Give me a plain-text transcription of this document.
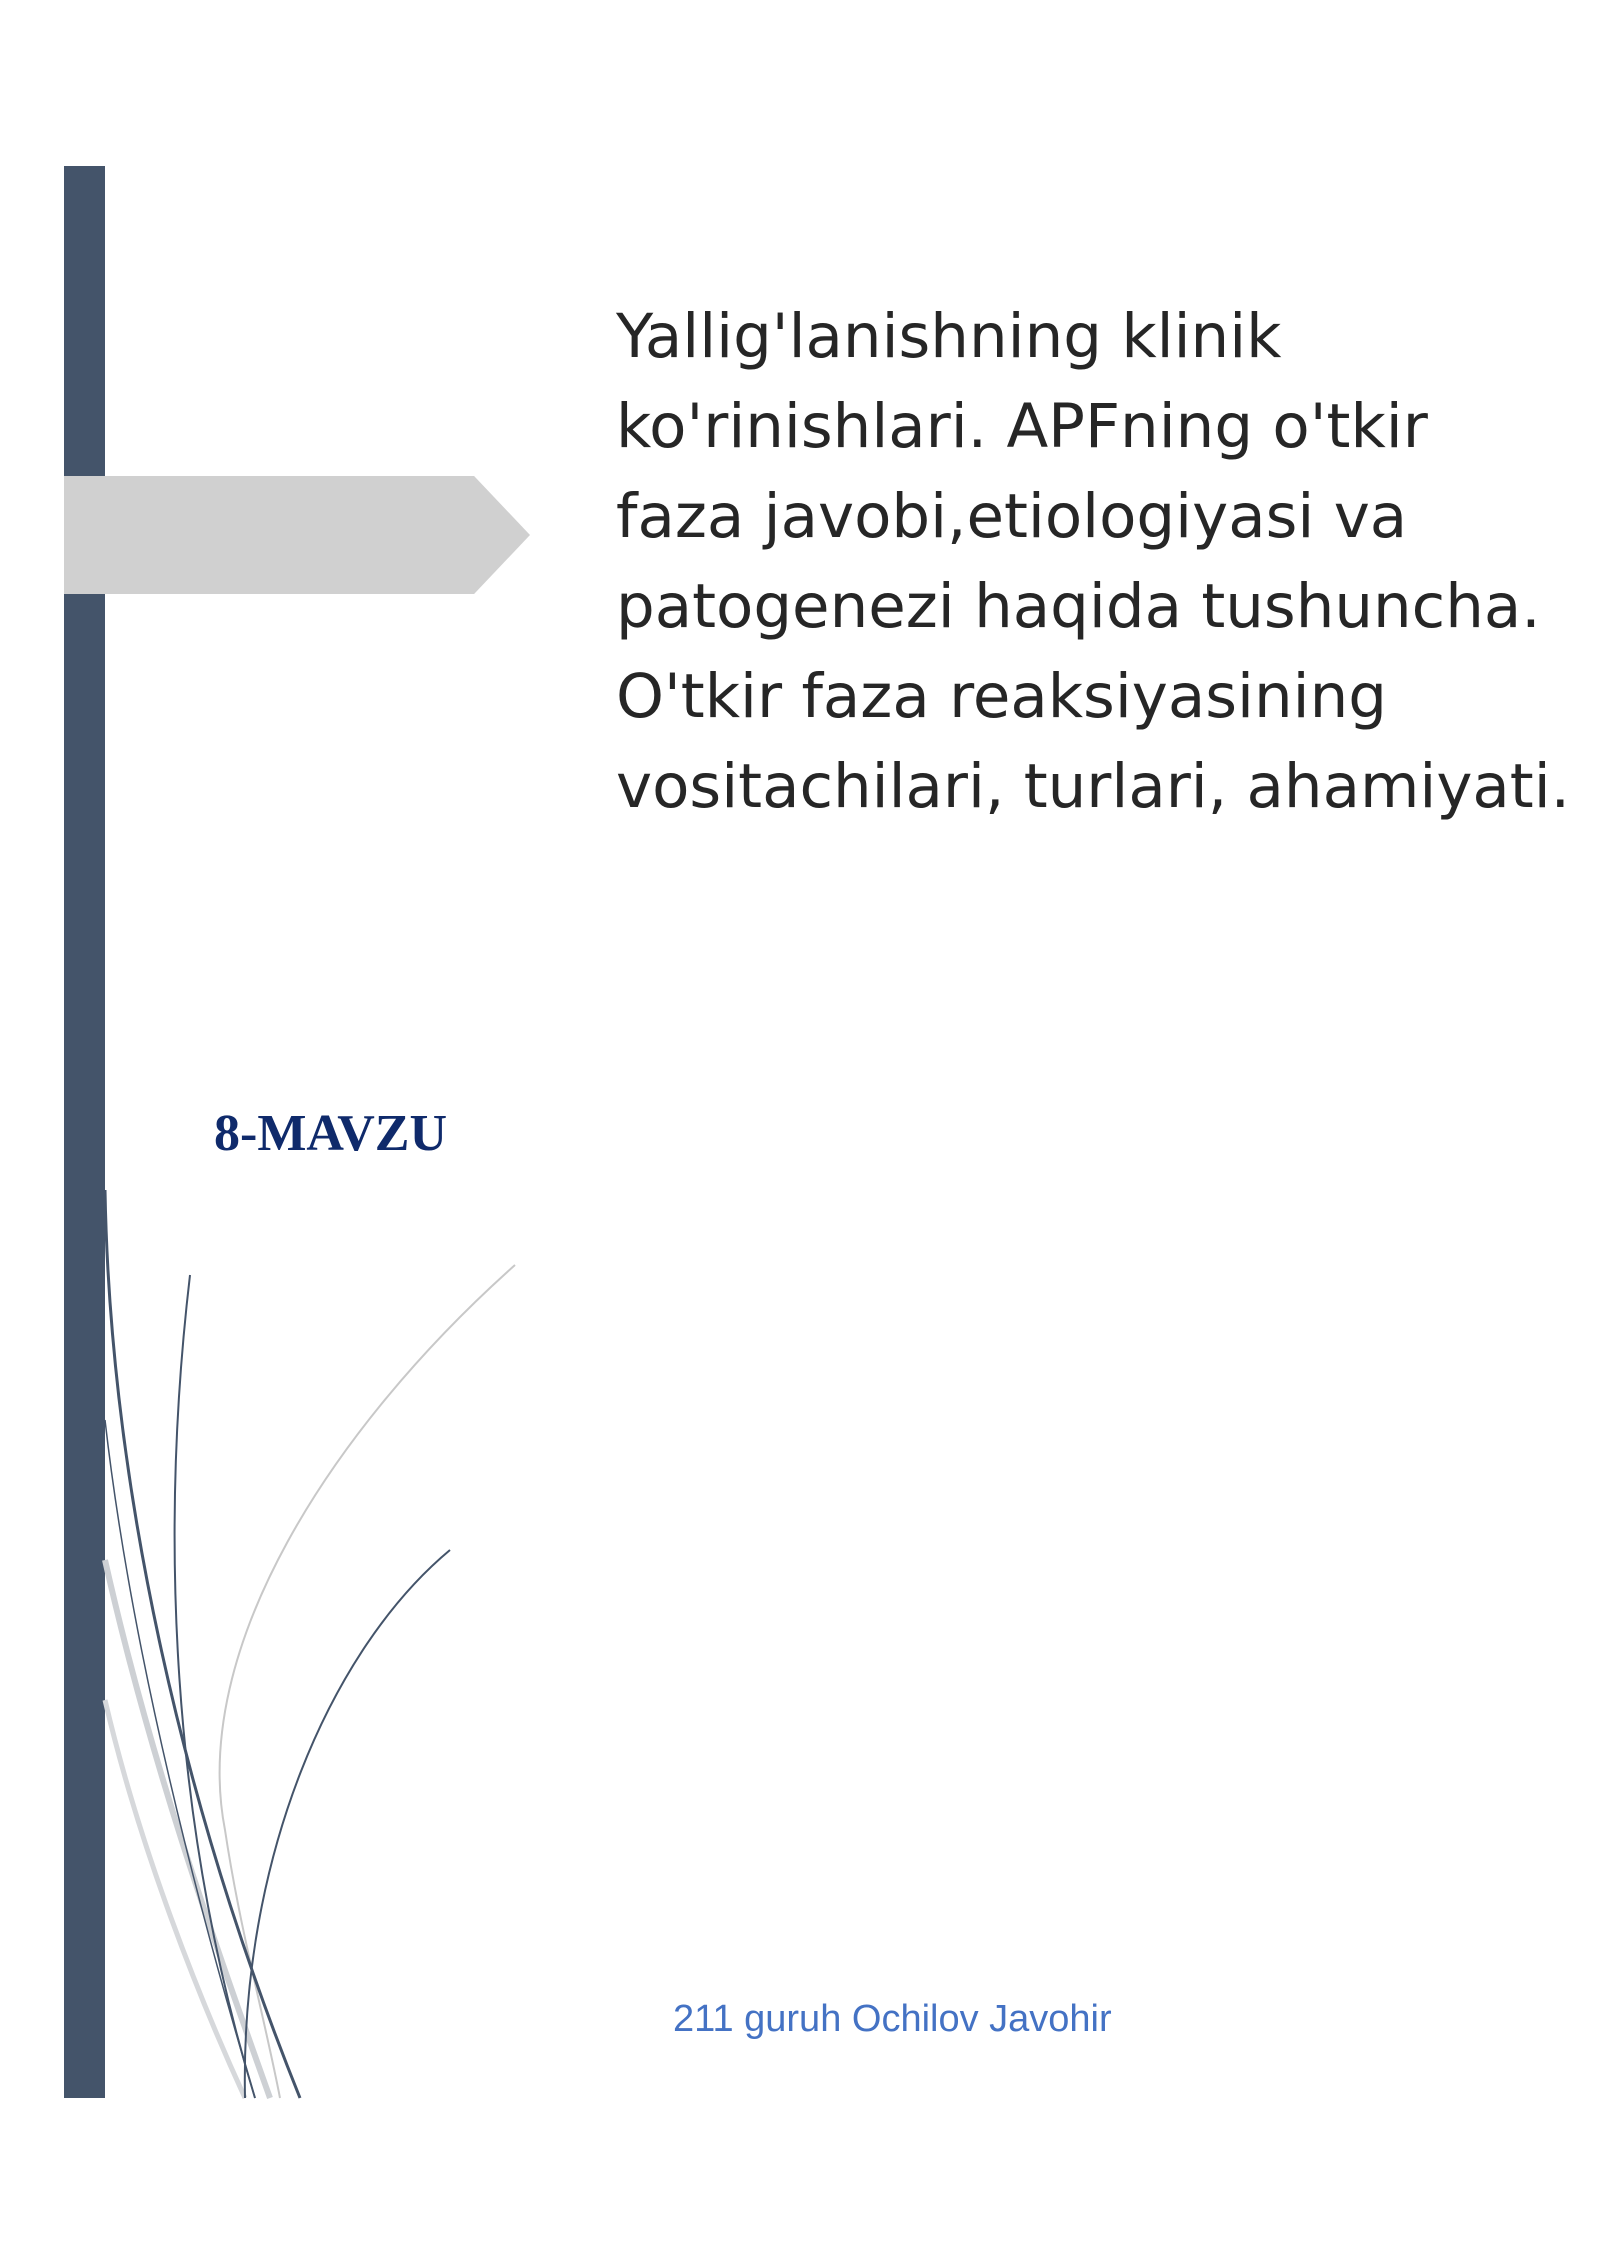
Yallig'lanishning klinik
ko'rinishlari. APFning o'tkir
faza javobi,etiologiyasi va
patogenezi haqida tushuncha.
O'tkir faza reaksiyasining
vositachilari, turlari, ahamiyati.

8-MAVZU

211 guruh Ochilov Javohir
